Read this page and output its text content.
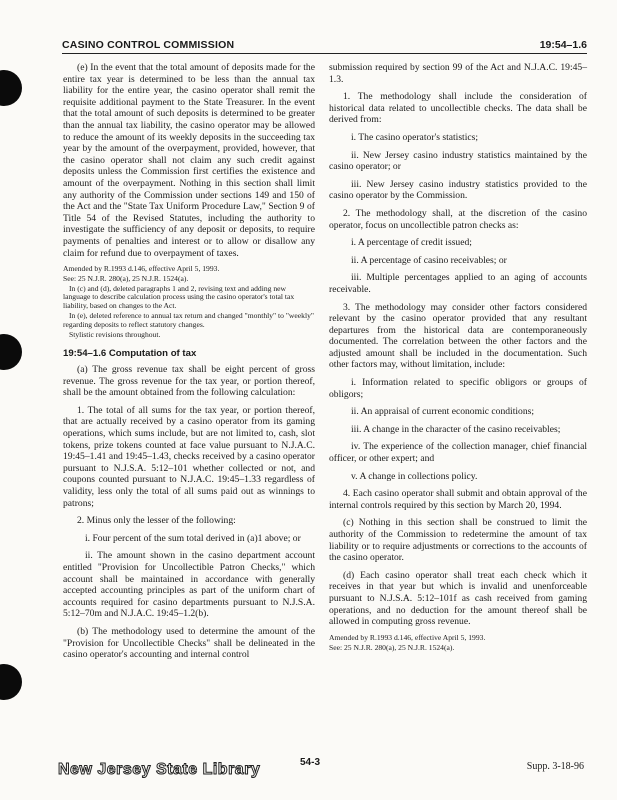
CASINO CONTROL COMMISSION	19:54–1.6

(e) In the event that the total amount of deposits made for the entire tax year is determined to be less than the annual tax liability for the entire year, the casino operator shall remit the requisite additional payment to the State Treasurer. In the event that the total amount of such deposits is determined to be greater than the annual tax liability, the casino operator may be allowed to reduce the amount of its weekly deposits in the succeeding tax year by the amount of the overpayment, provided, however, that the casino operator shall not claim any such credit against deposits unless the Commission first certifies the existence and amount of the overpayment. Nothing in this section shall limit any authority of the Commission under sections 149 and 150 of the Act and the "State Tax Uniform Procedure Law," Section 9 of Title 54 of the Revised Statutes, including the authority to investigate the sufficiency of any deposit or deposits, to require payments of penalties and interest or to allow or disallow any claim for refund due to overpayment of taxes.

Amended by R.1993 d.146, effective April 5, 1993.

See: 25 N.J.R. 280(a), 25 N.J.R. 1524(a).

In (c) and (d), deleted paragraphs 1 and 2, revising text and adding new language to describe calculation process using the casino operator's total tax liability, based on changes to the Act.

In (e), deleted reference to annual tax return and changed "monthly" to "weekly" regarding deposits to reflect statutory changes.

Stylistic revisions throughout.

19:54–1.6 Computation of tax

(a) The gross revenue tax shall be eight percent of gross revenue. The gross revenue for the tax year, or portion thereof, shall be the amount obtained from the following calculation:

1. The total of all sums for the tax year, or portion thereof, that are actually received by a casino operator from its gaming operations, which sums include, but are not limited to, cash, slot tokens, prize tokens counted at face value pursuant to N.J.A.C. 19:45–1.41 and 19:45–1.43, checks received by a casino operator pursuant to N.J.S.A. 5:12–101 whether collected or not, and coupons counted pursuant to N.J.A.C. 19:45–1.33 regardless of validity, less only the total of all sums paid out as winnings to patrons;

2. Minus only the lesser of the following:

i. Four percent of the sum total derived in (a)1 above; or

ii. The amount shown in the casino department account entitled "Provision for Uncollectible Patron Checks," which account shall be maintained in accordance with generally accepted accounting principles as part of the uniform chart of accounts required for casino departments pursuant to N.J.S.A. 5:12–70m and N.J.A.C. 19:45–1.2(b).

(b) The methodology used to determine the amount of the "Provision for Uncollectible Checks" shall be delineated in the casino operator's accounting and internal control

submission required by section 99 of the Act and N.J.A.C. 19:45–1.3.

1. The methodology shall include the consideration of historical data related to uncollectible checks. The data shall be derived from:

i. The casino operator's statistics;

ii. New Jersey casino industry statistics maintained by the casino operator; or

iii. New Jersey casino industry statistics provided to the casino operator by the Commission.

2. The methodology shall, at the discretion of the casino operator, focus on uncollectible patron checks as:

i. A percentage of credit issued;

ii. A percentage of casino receivables; or

iii. Multiple percentages applied to an aging of accounts receivable.

3. The methodology may consider other factors considered relevant by the casino operator provided that any resultant departures from the historical data are contemporaneously documented. The correlation between the other factors and the adjusted amount shall be included in the documentation. Such other factors may, without limitation, include:

i. Information related to specific obligors or groups of obligors;

ii. An appraisal of current economic conditions;

iii. A change in the character of the casino receivables;

iv. The experience of the collection manager, chief financial officer, or other expert; and

v. A change in collections policy.

4. Each casino operator shall submit and obtain approval of the internal controls required by this section by March 20, 1994.

(c) Nothing in this section shall be construed to limit the authority of the Commission to redetermine the amount of tax liability or to require adjustments or corrections to the accounts of the casino operator.

(d) Each casino operator shall treat each check which it receives in that year but which is invalid and unenforceable pursuant to N.J.S.A. 5:12–101f as cash received from gaming operations, and no deduction for the amount thereof shall be allowed in computing gross revenue.

Amended by R.1993 d.146, effective April 5, 1993.

See: 25 N.J.R. 280(a), 25 N.J.R. 1524(a).

New Jersey State Library	54-3	Supp. 3-18-96
